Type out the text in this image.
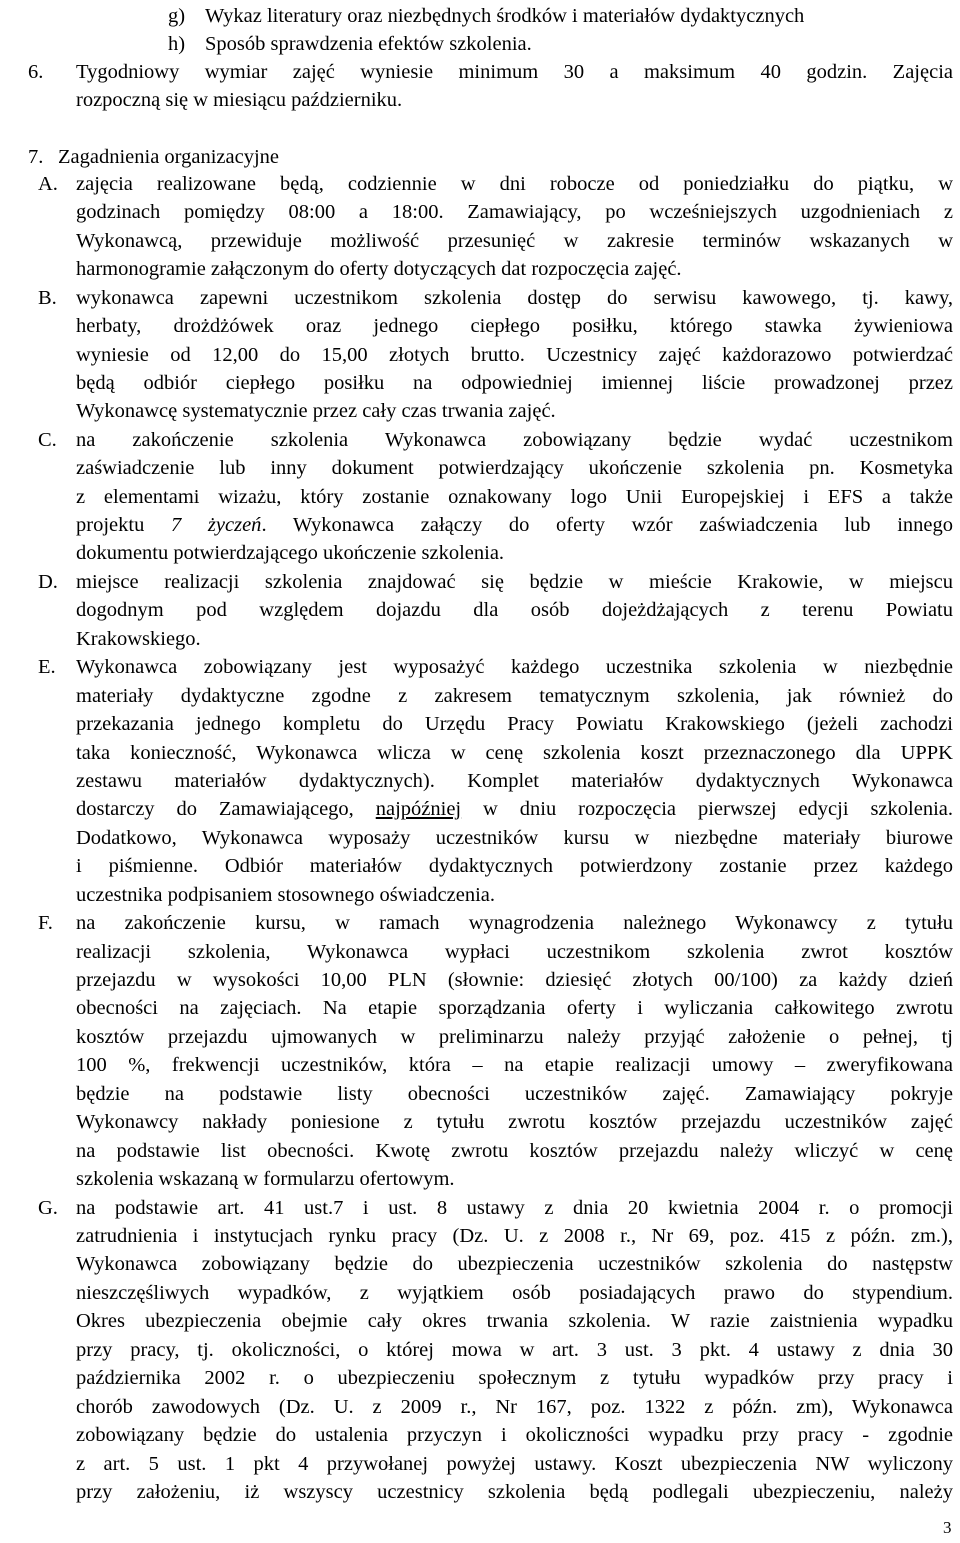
g) Wykaz literatury oraz niezbędnych środków i materiałów dydaktycznych
h) Sposób sprawdzenia efektów szkolenia.
6. Tygodniowy wymiar zajęć wyniesie minimum 30 a maksimum 40 godzin. Zajęcia
rozpoczną się w miesiącu październiku.
7. Zagadnienia organizacyjne
A. zajęcia realizowane będą, codziennie w dni robocze od poniedziałku do piątku, w
godzinach pomiędzy 08:00 a 18:00. Zamawiający, po wcześniejszych uzgodnieniach z
Wykonawcą, przewiduje możliwość przesunięć w zakresie terminów wskazanych w
harmonogramie załączonym do oferty dotyczących dat rozpoczęcia zajęć.
B. wykonawca zapewni uczestnikom szkolenia dostęp do serwisu kawowego, tj. kawy,
herbaty, drożdżówek oraz jednego ciepłego posiłku, którego stawka żywieniowa
wyniesie od 12,00 do 15,00 złotych brutto. Uczestnicy zajęć każdorazowo potwierdzać
będą odbiór ciepłego posiłku na odpowiedniej imiennej liście prowadzonej przez
Wykonawcę systematycznie przez cały czas trwania zajęć.
C. na zakończenie szkolenia Wykonawca zobowiązany będzie wydać uczestnikom
zaświadczenie lub inny dokument potwierdzający ukończenie szkolenia pn. Kosmetyka
z elementami wizażu, który zostanie oznakowany logo Unii Europejskiej i EFS a także
projektu 7 życzeń. Wykonawca załączy do oferty wzór zaświadczenia lub innego
dokumentu potwierdzającego ukończenie szkolenia.
D. miejsce realizacji szkolenia znajdować się będzie w mieście Krakowie, w miejscu
dogodnym pod względem dojazdu dla osób dojeżdżających z terenu Powiatu
Krakowskiego.
E. Wykonawca zobowiązany jest wyposażyć każdego uczestnika szkolenia w niezbędnie
materiały dydaktyczne zgodne z zakresem tematycznym szkolenia, jak również do
przekazania jednego kompletu do Urzędu Pracy Powiatu Krakowskiego (jeżeli zachodzi
taka konieczność, Wykonawca wlicza w cenę szkolenia koszt przeznaczonego dla UPPK
zestawu materiałów dydaktycznych). Komplet materiałów dydaktycznych Wykonawca
dostarczy do Zamawiającego, najpóźniej w dniu rozpoczęcia pierwszej edycji szkolenia.
Dodatkowo, Wykonawca wyposaży uczestników kursu w niezbędne materiały biurowe
i piśmienne. Odbiór materiałów dydaktycznych potwierdzony zostanie przez każdego
uczestnika podpisaniem stosownego oświadczenia.
F. na zakończenie kursu, w ramach wynagrodzenia należnego Wykonawcy z tytułu
realizacji szkolenia, Wykonawca wypłaci uczestnikom szkolenia zwrot kosztów
przejazdu w wysokości 10,00 PLN (słownie: dziesięć złotych 00/100) za każdy dzień
obecności na zajęciach. Na etapie sporządzania oferty i wyliczania całkowitego zwrotu
kosztów przejazdu ujmowanych w preliminarzu należy przyjąć założenie o pełnej, tj
100 %, frekwencji uczestników, która – na etapie realizacji umowy – zweryfikowana
będzie na podstawie listy obecności uczestników zajęć. Zamawiający pokryje
Wykonawcy nakłady poniesione z tytułu zwrotu kosztów przejazdu uczestników zajęć
na podstawie list obecności. Kwotę zwrotu kosztów przejazdu należy wliczyć w cenę
szkolenia wskazaną w formularzu ofertowym.
G. na podstawie art. 41 ust.7 i ust. 8 ustawy z dnia 20 kwietnia 2004 r. o promocji
zatrudnienia i instytucjach rynku pracy (Dz. U. z 2008 r., Nr 69, poz. 415 z późn. zm.),
Wykonawca zobowiązany będzie do ubezpieczenia uczestników szkolenia do następstw
nieszczęśliwych wypadków, z wyjątkiem osób posiadających prawo do stypendium.
Okres ubezpieczenia obejmie cały okres trwania szkolenia. W razie zaistnienia wypadku
przy pracy, tj. okoliczności, o której mowa w art. 3 ust. 3 pkt. 4 ustawy z dnia 30
października 2002 r. o ubezpieczeniu społecznym z tytułu wypadków przy pracy i
chorób zawodowych (Dz. U. z 2009 r., Nr 167, poz. 1322 z późn. zm), Wykonawca
zobowiązany będzie do ustalenia przyczyn i okoliczności wypadku przy pracy - zgodnie
z art. 5 ust. 1 pkt 4 przywołanej powyżej ustawy. Koszt ubezpieczenia NW wyliczony
przy założeniu, iż wszyscy uczestnicy szkolenia będą podlegali ubezpieczeniu, należy
3
